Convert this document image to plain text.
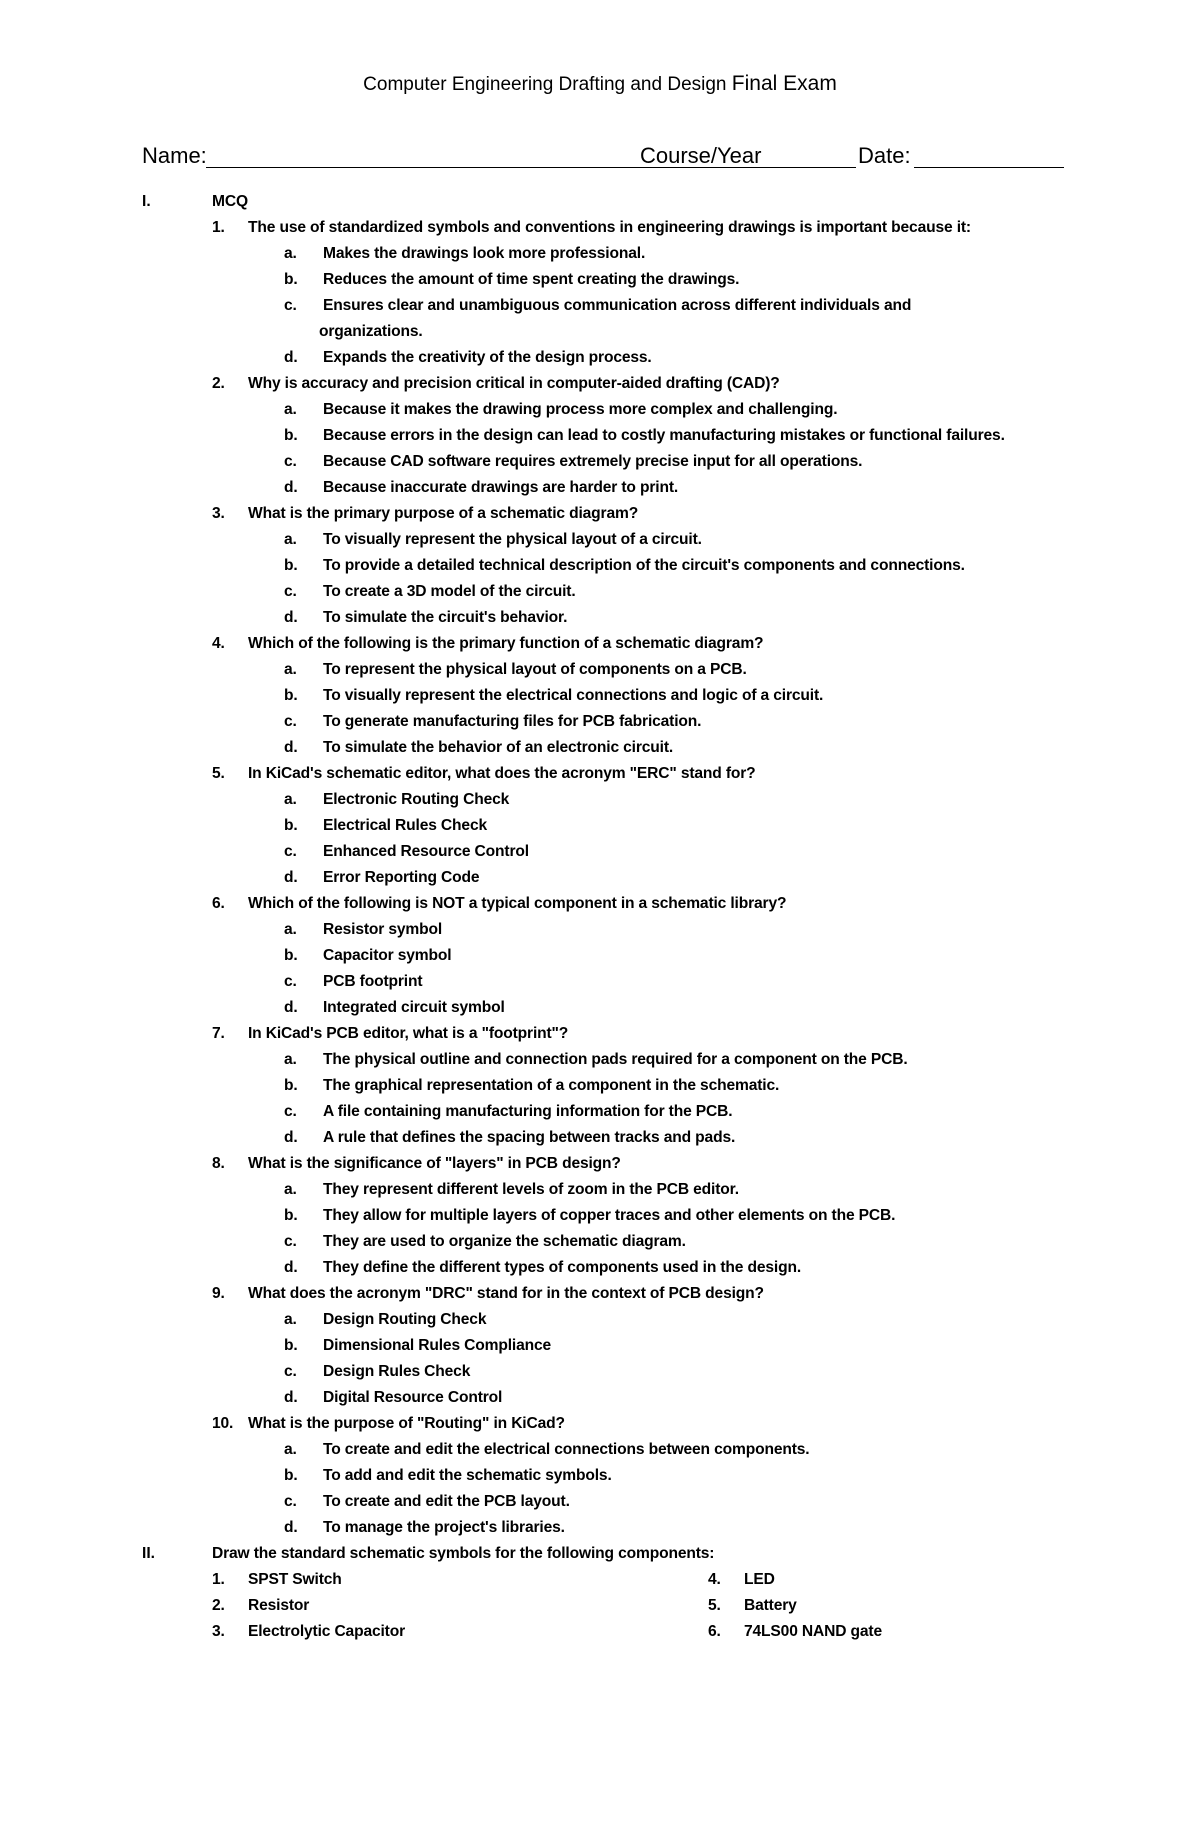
Computer Engineering Drafting and Design Final Exam
Name:	Course/Year	Date:
I.	MCQ
1. The use of standardized symbols and conventions in engineering drawings is important because it:
a. Makes the drawings look more professional.
b. Reduces the amount of time spent creating the drawings.
c. Ensures clear and unambiguous communication across different individuals and
organizations.
d. Expands the creativity of the design process.
2. Why is accuracy and precision critical in computer-aided drafting (CAD)?
a. Because it makes the drawing process more complex and challenging.
b. Because errors in the design can lead to costly manufacturing mistakes or functional failures.
c. Because CAD software requires extremely precise input for all operations.
d. Because inaccurate drawings are harder to print.
3. What is the primary purpose of a schematic diagram?
a. To visually represent the physical layout of a circuit.
b. To provide a detailed technical description of the circuit's components and connections.
c. To create a 3D model of the circuit.
d. To simulate the circuit's behavior.
4. Which of the following is the primary function of a schematic diagram?
a. To represent the physical layout of components on a PCB.
b. To visually represent the electrical connections and logic of a circuit.
c. To generate manufacturing files for PCB fabrication.
d. To simulate the behavior of an electronic circuit.
5. In KiCad's schematic editor, what does the acronym "ERC" stand for?
a. Electronic Routing Check
b. Electrical Rules Check
c. Enhanced Resource Control
d. Error Reporting Code
6. Which of the following is NOT a typical component in a schematic library?
a. Resistor symbol
b. Capacitor symbol
c. PCB footprint
d. Integrated circuit symbol
7. In KiCad's PCB editor, what is a "footprint"?
a. The physical outline and connection pads required for a component on the PCB.
b. The graphical representation of a component in the schematic.
c. A file containing manufacturing information for the PCB.
d. A rule that defines the spacing between tracks and pads.
8. What is the significance of "layers" in PCB design?
a. They represent different levels of zoom in the PCB editor.
b. They allow for multiple layers of copper traces and other elements on the PCB.
c. They are used to organize the schematic diagram.
d. They define the different types of components used in the design.
9. What does the acronym "DRC" stand for in the context of PCB design?
a. Design Routing Check
b. Dimensional Rules Compliance
c. Design Rules Check
d. Digital Resource Control
10. What is the purpose of "Routing" in KiCad?
a. To create and edit the electrical connections between components.
b. To add and edit the schematic symbols.
c. To create and edit the PCB layout.
d. To manage the project's libraries.
II.	Draw the standard schematic symbols for the following components:
1. SPST Switch	4. LED
2. Resistor	5. Battery
3. Electrolytic Capacitor	6. 74LS00 NAND gate
